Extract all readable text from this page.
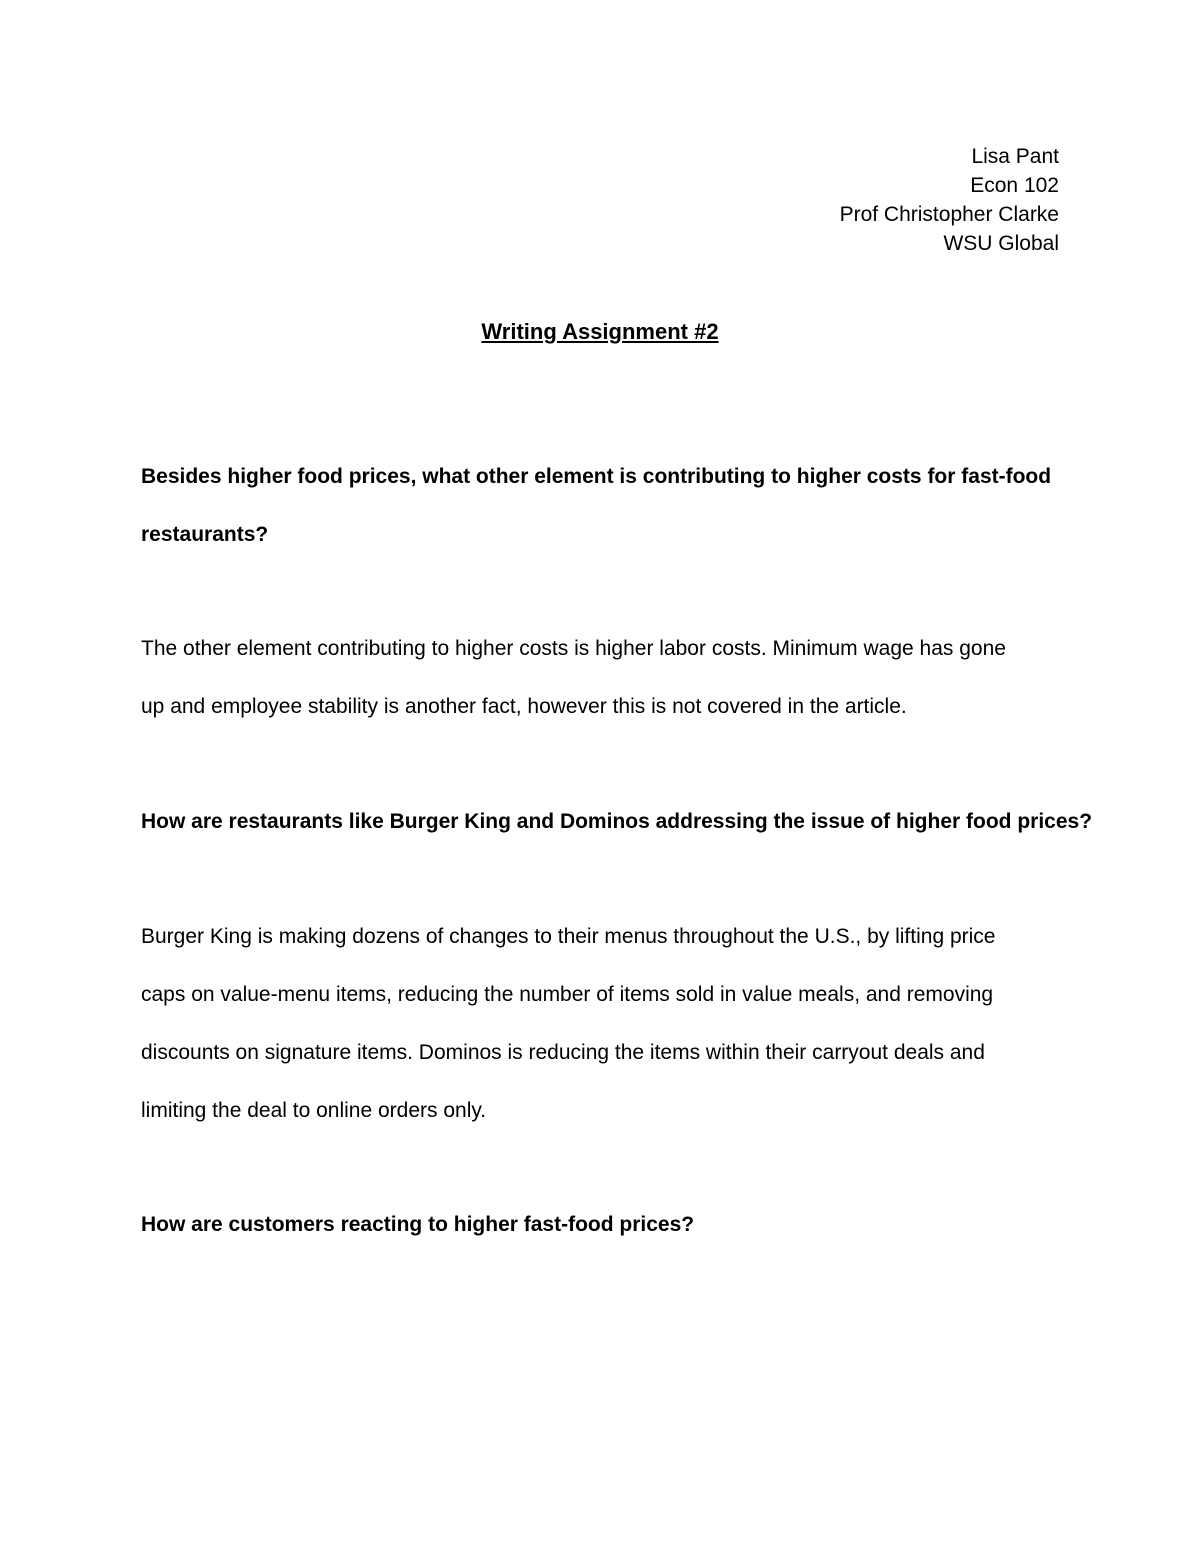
Lisa Pant
Econ 102
Prof Christopher Clarke
WSU Global
Writing Assignment #2
Besides higher food prices, what other element is contributing to higher costs for fast-food
restaurants?
The other element contributing to higher costs is higher labor costs. Minimum wage has gone
up and employee stability is another fact, however this is not covered in the article.
How are restaurants like Burger King and Dominos addressing the issue of higher food prices?
Burger King is making dozens of changes to their menus throughout the U.S., by lifting price
caps on value-menu items, reducing the number of items sold in value meals, and removing
discounts on signature items. Dominos is reducing the items within their carryout deals and
limiting the deal to online orders only.
How are customers reacting to higher fast-food prices?
